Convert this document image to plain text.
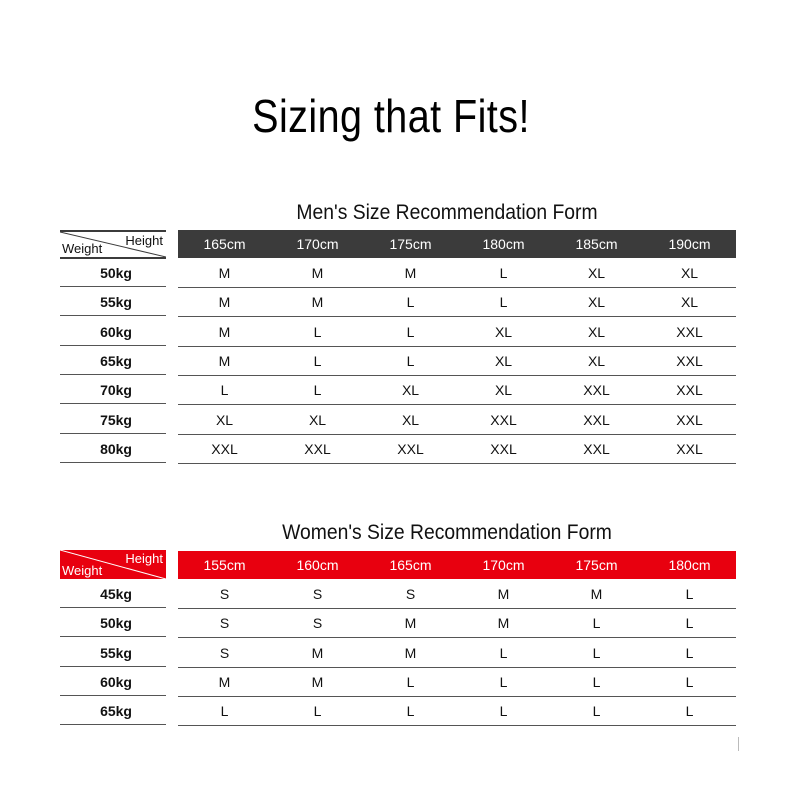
Sizing that Fits!
Men's Size Recommendation Form
Height
Weight	165cm	170cm	175cm	180cm	185cm	190cm
50kg	M	M	M	L	XL	XL
55kg	M	M	L	L	XL	XL
60kg	M	L	L	XL	XL	XXL
65kg	M	L	L	XL	XL	XXL
70kg	L	L	XL	XL	XXL	XXL
75kg	XL	XL	XL	XXL	XXL	XXL
80kg	XXL	XXL	XXL	XXL	XXL	XXL
Women's Size Recommendation Form
Height
Weight	155cm	160cm	165cm	170cm	175cm	180cm
45kg	S	S	S	M	M	L
50kg	S	S	M	M	L	L
55kg	S	M	M	L	L	L
60kg	M	M	L	L	L	L
65kg	L	L	L	L	L	L
